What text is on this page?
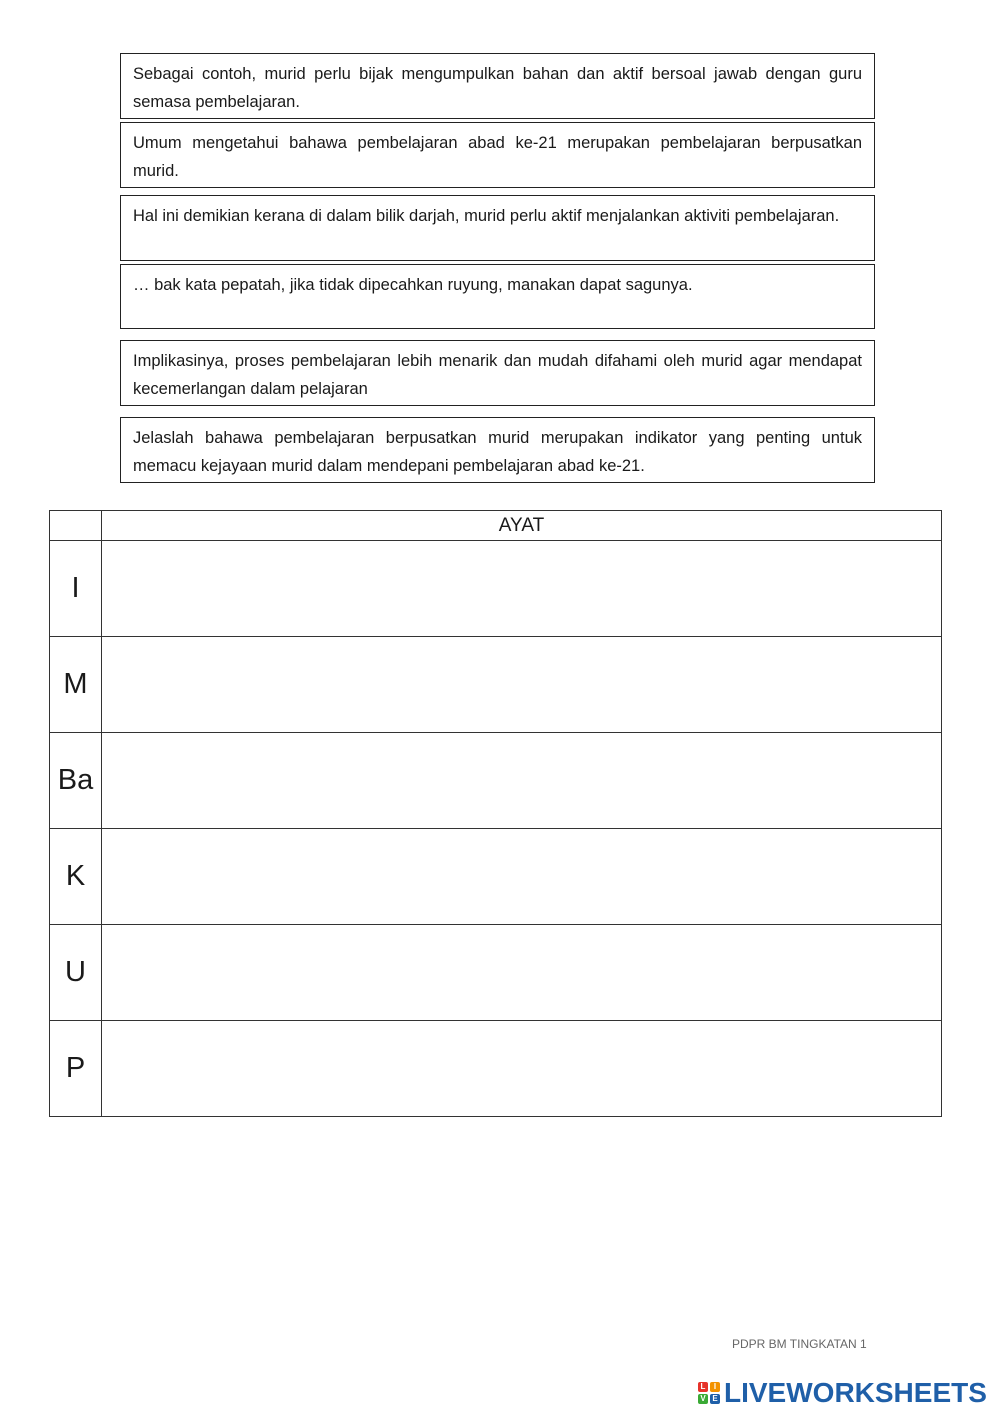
Sebagai contoh, murid perlu bijak mengumpulkan bahan dan aktif bersoal jawab dengan guru semasa pembelajaran.
Umum mengetahui bahawa pembelajaran abad ke-21 merupakan pembelajaran berpusatkan murid.
Hal ini demikian kerana di dalam bilik darjah, murid perlu aktif menjalankan aktiviti pembelajaran.
… bak kata pepatah, jika tidak dipecahkan ruyung, manakan dapat sagunya.
Implikasinya, proses pembelajaran lebih menarik dan mudah difahami oleh murid agar mendapat kecemerlangan dalam pelajaran
Jelaslah bahawa pembelajaran berpusatkan murid merupakan indikator yang penting untuk memacu kejayaan murid dalam mendepani pembelajaran abad ke-21.
	AYAT
I	
M	
Ba	
K	
U	
P	
PDPR BM TINGKATAN 1
L	I
V E LIVEWORKSHEETS
